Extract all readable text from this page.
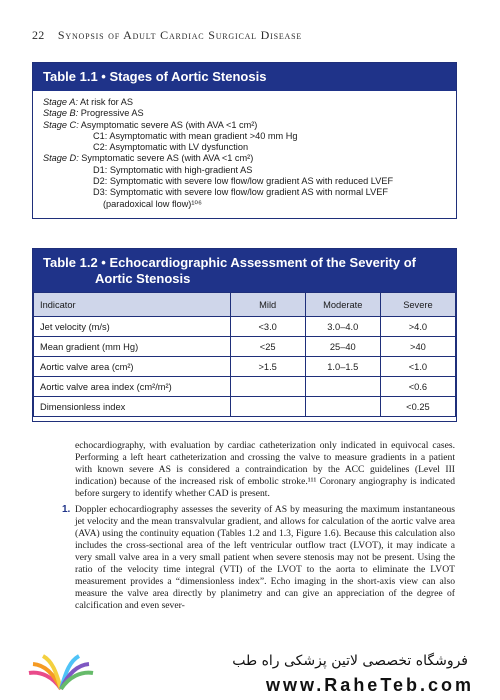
22 Synopsis of Adult Cardiac Surgical Disease
Table 1.1 • Stages of Aortic Stenosis
Stage A: At risk for AS
Stage B: Progressive AS
Stage C: Asymptomatic severe AS (with AVA <1 cm²)
C1: Asymptomatic with mean gradient >40 mm Hg
C2: Asymptomatic with LV dysfunction
Stage D: Symptomatic severe AS (with AVA <1 cm²)
D1: Symptomatic with high-gradient AS
D2: Symptomatic with severe low flow/low gradient AS with reduced LVEF
D3: Symptomatic with severe low flow/low gradient AS with normal LVEF
(paradoxical low flow)¹⁰⁶
Table 1.2 • Echocardiographic Assessment of the Severity of
Aortic Stenosis
Indicator	Mild	Moderate	Severe
Jet velocity (m/s)	<3.0	3.0–4.0	>4.0
Mean gradient (mm Hg)	<25	25–40	>40
Aortic valve area (cm²)	>1.5	1.0–1.5	<1.0
Aortic valve area index (cm²/m²)			<0.6
Dimensionless index			<0.25

echocardiography, with evaluation by cardiac catheterization only indicated in equivocal cases. Performing a left heart catheterization and crossing the valve to measure gradients in a patient with known severe AS is considered a contraindication by the ACC guidelines (Level III indication) because of the increased risk of embolic stroke.¹¹¹ Coronary angiography is indicated before surgery to identify whether CAD is present.

1. Doppler echocardiography assesses the severity of AS by measuring the maximum instantaneous jet velocity and the mean transvalvular gradient, and allows for calculation of the aortic valve area (AVA) using the continuity equation (Tables 1.2 and 1.3, Figure 1.6). Because this calculation also includes the cross-sectional area of the left ventricular outflow tract (LVOT), it may indicate a very small valve area in a very small patient when severe stenosis may not be present. Using the ratio of the velocity time integral (VTI) of the LVOT to the aorta to eliminate the LVOT measurement provides a “dimensionless index”. Echo imaging in the short-axis view can also measure the valve area directly by planimetry and can give an appreciation of the degree of calcification and even sever-

فروشگاه تخصصی لاتین پزشکی راه طب
www.RaheTeb.com
